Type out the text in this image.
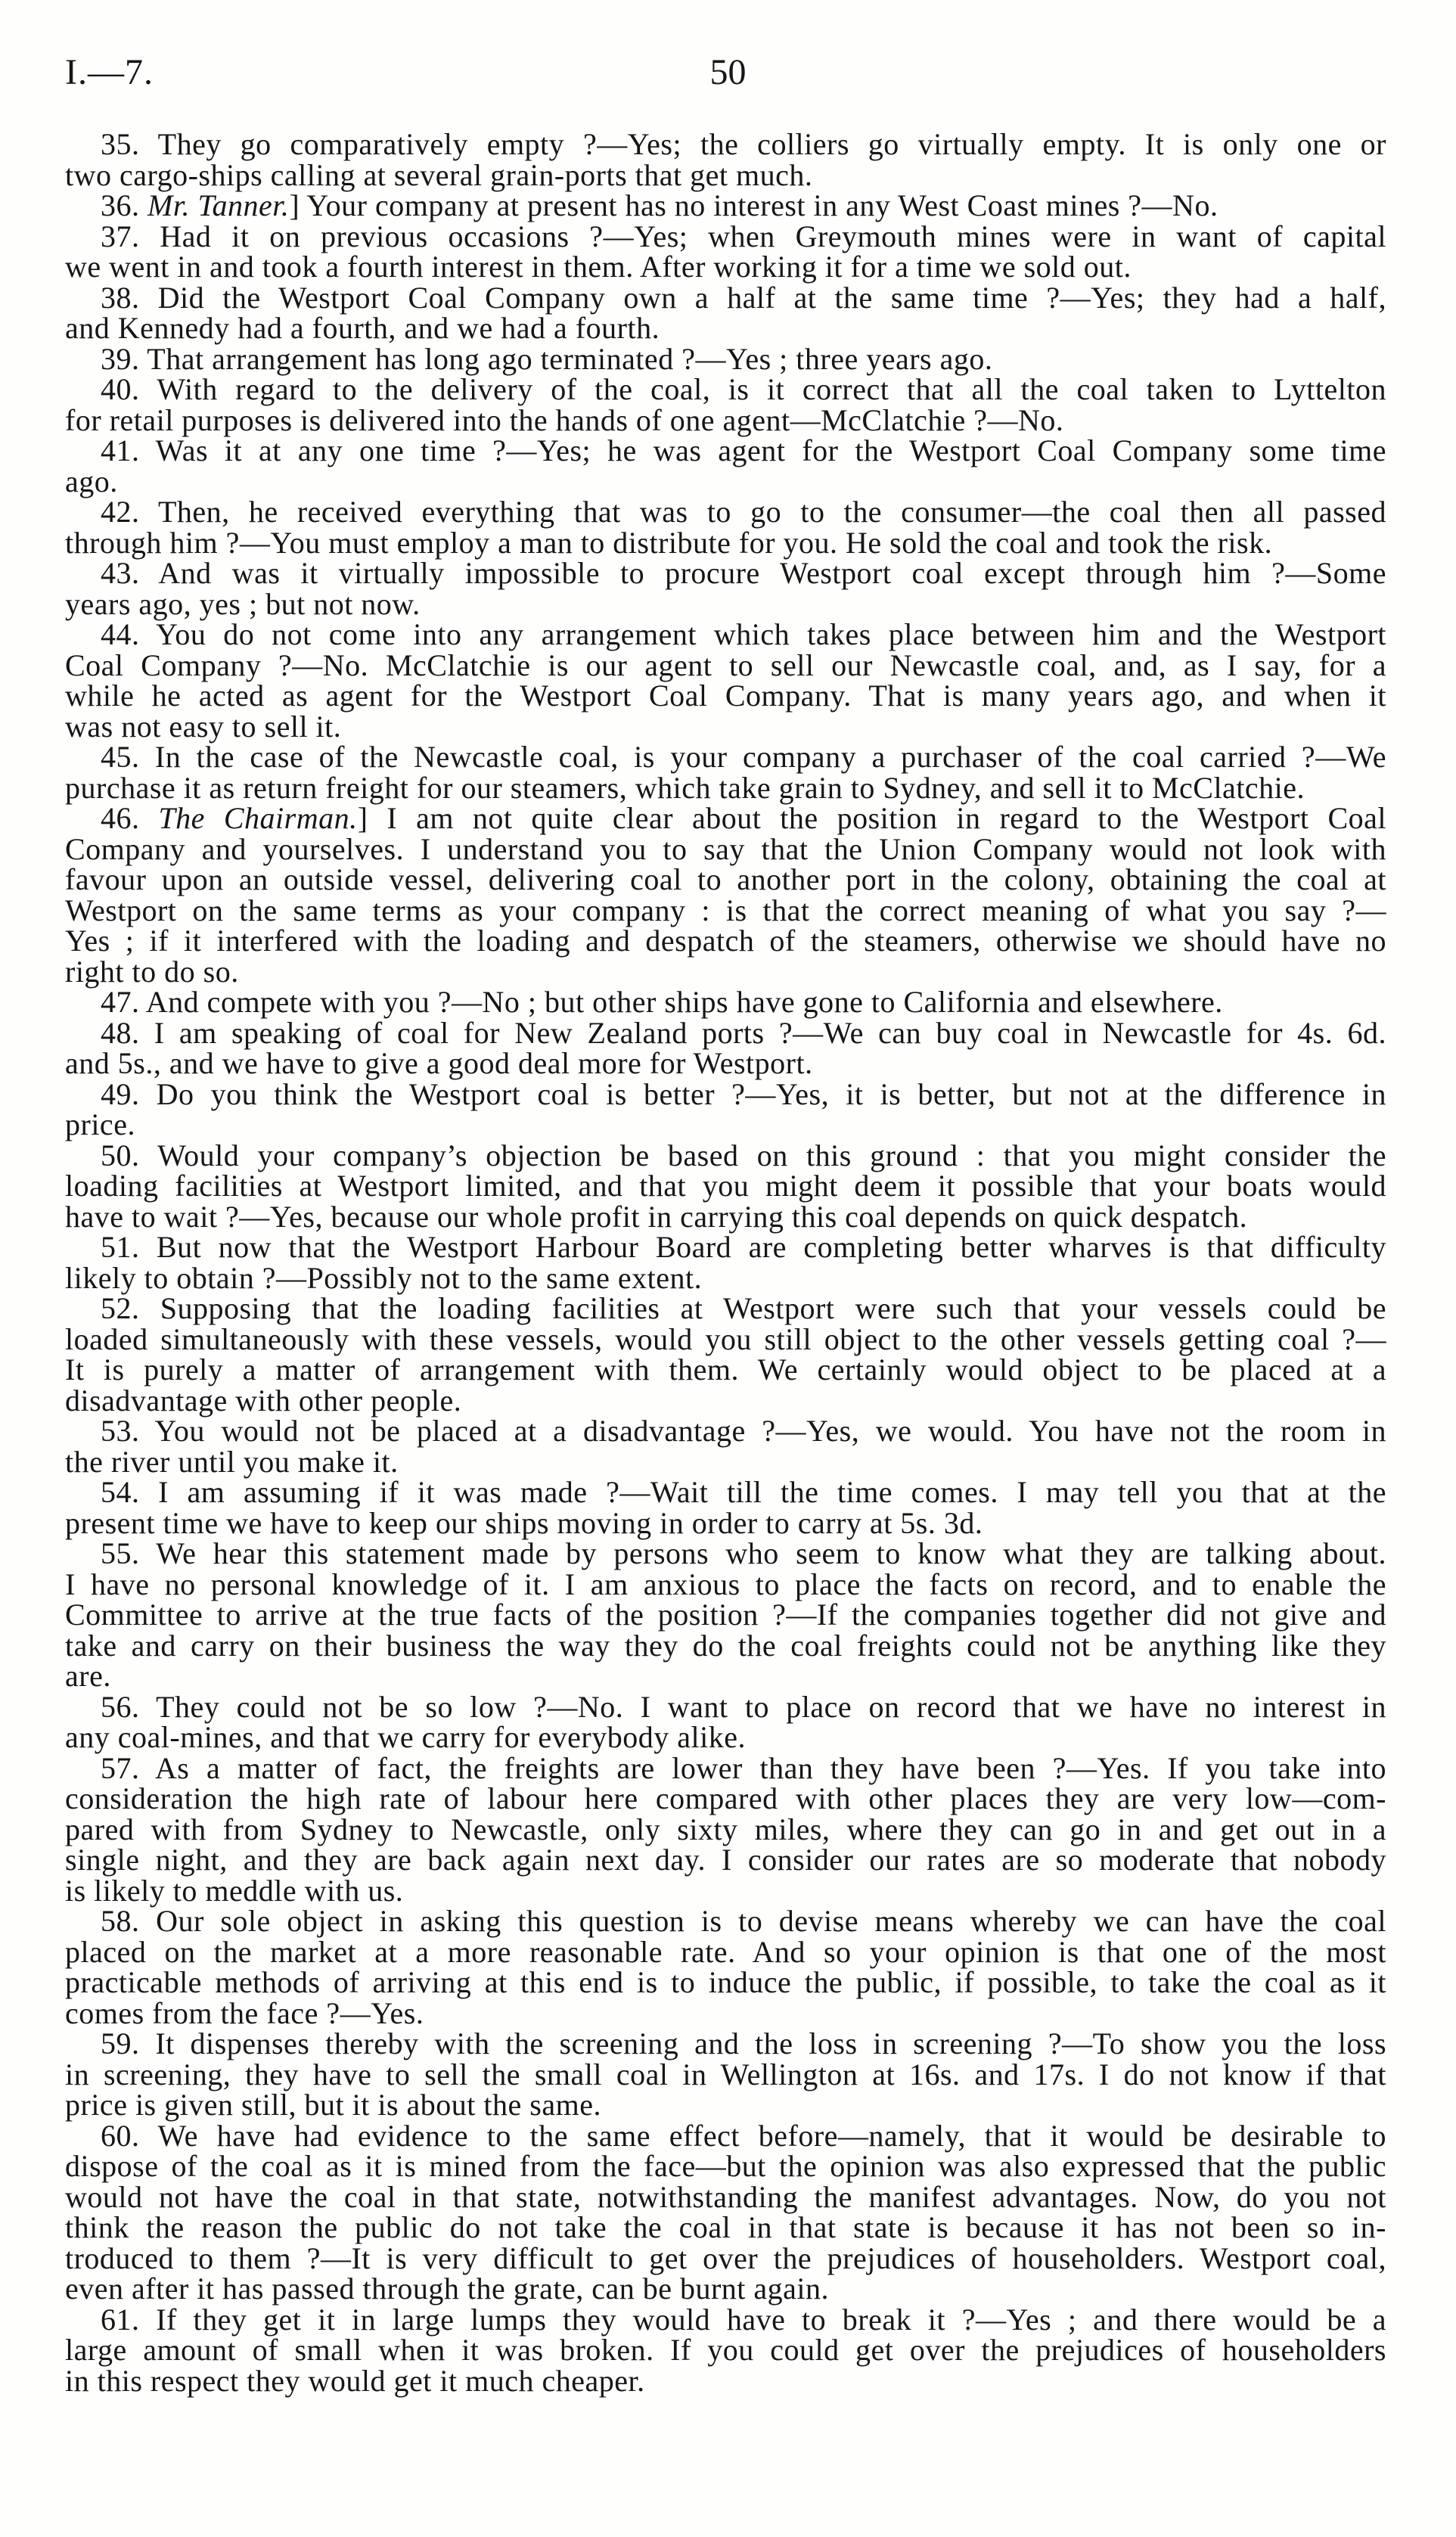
I.—7.	50
35. They go comparatively empty ?—Yes; the colliers go virtually empty. It is only one or
two cargo-ships calling at several grain-ports that get much.
36. Mr. Tanner.] Your company at present has no interest in any West Coast mines ?—No.
37. Had it on previous occasions ?—Yes; when Greymouth mines were in want of capital
we went in and took a fourth interest in them. After working it for a time we sold out.
38. Did the Westport Coal Company own a half at the same time ?—Yes; they had a half,
and Kennedy had a fourth, and we had a fourth.
39. That arrangement has long ago terminated ?—Yes ; three years ago.
40. With regard to the delivery of the coal, is it correct that all the coal taken to Lyttelton
for retail purposes is delivered into the hands of one agent—McClatchie ?—No.
41. Was it at any one time ?—Yes; he was agent for the Westport Coal Company some time
ago.
42. Then, he received everything that was to go to the consumer—the coal then all passed
through him ?—You must employ a man to distribute for you. He sold the coal and took the risk.
43. And was it virtually impossible to procure Westport coal except through him ?—Some
years ago, yes ; but not now.
44. You do not come into any arrangement which takes place between him and the Westport
Coal Company ?—No. McClatchie is our agent to sell our Newcastle coal, and, as I say, for a
while he acted as agent for the Westport Coal Company. That is many years ago, and when it
was not easy to sell it.
45. In the case of the Newcastle coal, is your company a purchaser of the coal carried ?—We
purchase it as return freight for our steamers, which take grain to Sydney, and sell it to McClatchie.
46. The Chairman.] I am not quite clear about the position in regard to the Westport Coal
Company and yourselves. I understand you to say that the Union Company would not look with
favour upon an outside vessel, delivering coal to another port in the colony, obtaining the coal at
Westport on the same terms as your company : is that the correct meaning of what you say ?—
Yes ; if it interfered with the loading and despatch of the steamers, otherwise we should have no
right to do so.
47. And compete with you ?—No ; but other ships have gone to California and elsewhere.
48. I am speaking of coal for New Zealand ports ?—We can buy coal in Newcastle for 4s. 6d.
and 5s., and we have to give a good deal more for Westport.
49. Do you think the Westport coal is better ?—Yes, it is better, but not at the difference in
price.
50. Would your company’s objection be based on this ground : that you might consider the
loading facilities at Westport limited, and that you might deem it possible that your boats would
have to wait ?—Yes, because our whole profit in carrying this coal depends on quick despatch.
51. But now that the Westport Harbour Board are completing better wharves is that difficulty
likely to obtain ?—Possibly not to the same extent.
52. Supposing that the loading facilities at Westport were such that your vessels could be
loaded simultaneously with these vessels, would you still object to the other vessels getting coal ?—
It is purely a matter of arrangement with them. We certainly would object to be placed at a
disadvantage with other people.
53. You would not be placed at a disadvantage ?—Yes, we would. You have not the room in
the river until you make it.
54. I am assuming if it was made ?—Wait till the time comes. I may tell you that at the
present time we have to keep our ships moving in order to carry at 5s. 3d.
55. We hear this statement made by persons who seem to know what they are talking about.
I have no personal knowledge of it. I am anxious to place the facts on record, and to enable the
Committee to arrive at the true facts of the position ?—If the companies together did not give and
take and carry on their business the way they do the coal freights could not be anything like they
are.
56. They could not be so low ?—No. I want to place on record that we have no interest in
any coal-mines, and that we carry for everybody alike.
57. As a matter of fact, the freights are lower than they have been ?—Yes. If you take into
consideration the high rate of labour here compared with other places they are very low—com-
pared with from Sydney to Newcastle, only sixty miles, where they can go in and get out in a
single night, and they are back again next day. I consider our rates are so moderate that nobody
is likely to meddle with us.
58. Our sole object in asking this question is to devise means whereby we can have the coal
placed on the market at a more reasonable rate. And so your opinion is that one of the most
practicable methods of arriving at this end is to induce the public, if possible, to take the coal as it
comes from the face ?—Yes.
59. It dispenses thereby with the screening and the loss in screening ?—To show you the loss
in screening, they have to sell the small coal in Wellington at 16s. and 17s. I do not know if that
price is given still, but it is about the same.
60. We have had evidence to the same effect before—namely, that it would be desirable to
dispose of the coal as it is mined from the face—but the opinion was also expressed that the public
would not have the coal in that state, notwithstanding the manifest advantages. Now, do you not
think the reason the public do not take the coal in that state is because it has not been so in-
troduced to them ?—It is very difficult to get over the prejudices of householders. Westport coal,
even after it has passed through the grate, can be burnt again.
61. If they get it in large lumps they would have to break it ?—Yes ; and there would be a
large amount of small when it was broken. If you could get over the prejudices of householders
in this respect they would get it much cheaper.
